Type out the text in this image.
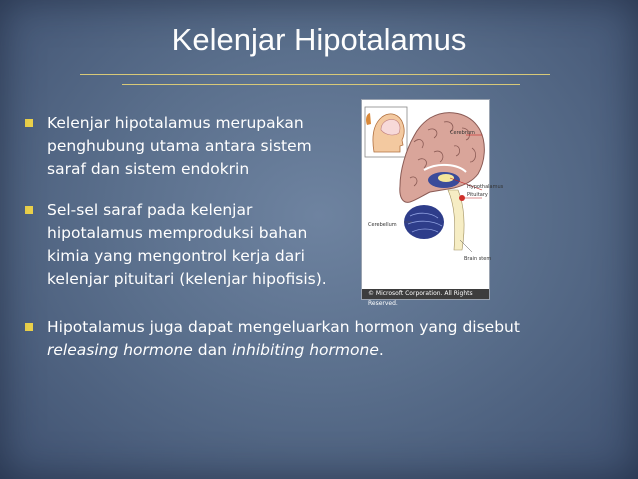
Kelenjar Hipotalamus
Kelenjar hipotalamus merupakan
penghubung utama antara sistem
saraf dan sistem endokrin
Sel-sel saraf pada kelenjar
hipotalamus memproduksi bahan
kimia yang mengontrol kerja dari
kelenjar pituitari (kelenjar hipofisis).
Hipotalamus juga dapat mengeluarkan hormon yang disebut
releasing hormone dan inhibiting hormone.
Cerebrum
Hypothalamus
Pituitary
Cerebellum
Brain stem
© Microsoft Corporation. All Rights Reserved.
